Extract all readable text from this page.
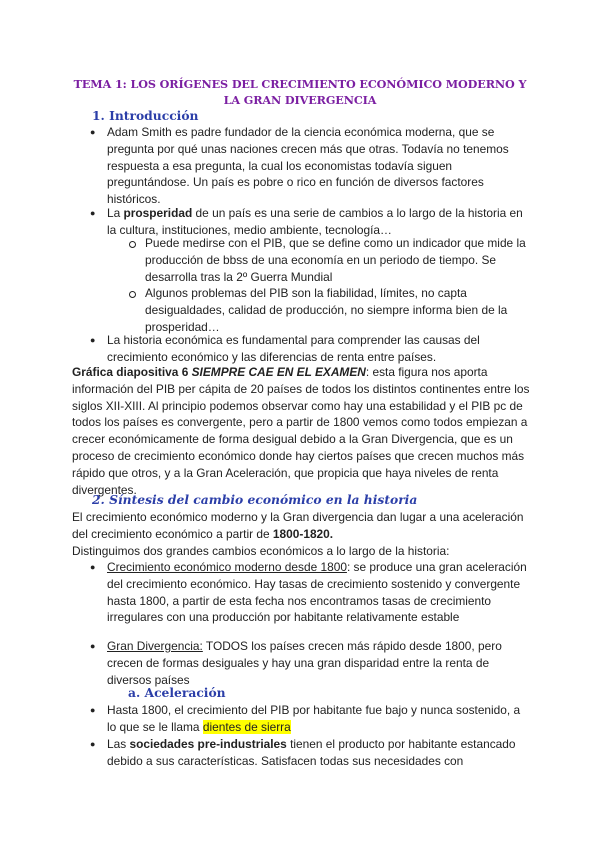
TEMA 1: LOS ORÍGENES DEL CRECIMIENTO ECONÓMICO MODERNO Y LA GRAN DIVERGENCIA
1. Introducción
● Adam Smith es padre fundador de la ciencia económica moderna, que se pregunta por qué unas naciones crecen más que otras. Todavía no tenemos respuesta a esa pregunta, la cual los economistas todavía siguen preguntándose. Un país es pobre o rico en función de diversos factores históricos.
● La prosperidad de un país es una serie de cambios a lo largo de la historia en la cultura, instituciones, medio ambiente, tecnología…
Puede medirse con el PIB, que se define como un indicador que mide la producción de bbss de una economía en un periodo de tiempo. Se desarrolla tras la 2º Guerra Mundial
Algunos problemas del PIB son la fiabilidad, límites, no capta desigualdades, calidad de producción, no siempre informa bien de la prosperidad…
● La historia económica es fundamental para comprender las causas del crecimiento económico y las diferencias de renta entre países.
Gráfica diapositiva 6 SIEMPRE CAE EN EL EXAMEN: esta figura nos aporta información del PIB per cápita de 20 países de todos los distintos continentes entre los siglos XII-XIII. Al principio podemos observar como hay una estabilidad y el PIB pc de todos los países es convergente, pero a partir de 1800 vemos como todos empiezan a crecer económicamente de forma desigual debido a la Gran Divergencia, que es un proceso de crecimiento económico donde hay ciertos países que crecen muchos más rápido que otros, y a la Gran Aceleración, que propicia que haya niveles de renta divergentes.
2. Síntesis del cambio económico en la historia
El crecimiento económico moderno y la Gran divergencia dan lugar a una aceleración del crecimiento económico a partir de 1800-1820.
Distinguimos dos grandes cambios económicos a lo largo de la historia:
● Crecimiento económico moderno desde 1800: se produce una gran aceleración del crecimiento económico. Hay tasas de crecimiento sostenido y convergente hasta 1800, a partir de esta fecha nos encontramos tasas de crecimiento irregulares con una producción por habitante relativamente estable
● Gran Divergencia: TODOS los países crecen más rápido desde 1800, pero crecen de formas desiguales y hay una gran disparidad entre la renta de diversos países
a. Aceleración
● Hasta 1800, el crecimiento del PIB por habitante fue bajo y nunca sostenido, a lo que se le llama dientes de sierra
● Las sociedades pre-industriales tienen el producto por habitante estancado debido a sus características. Satisfacen todas sus necesidades con
